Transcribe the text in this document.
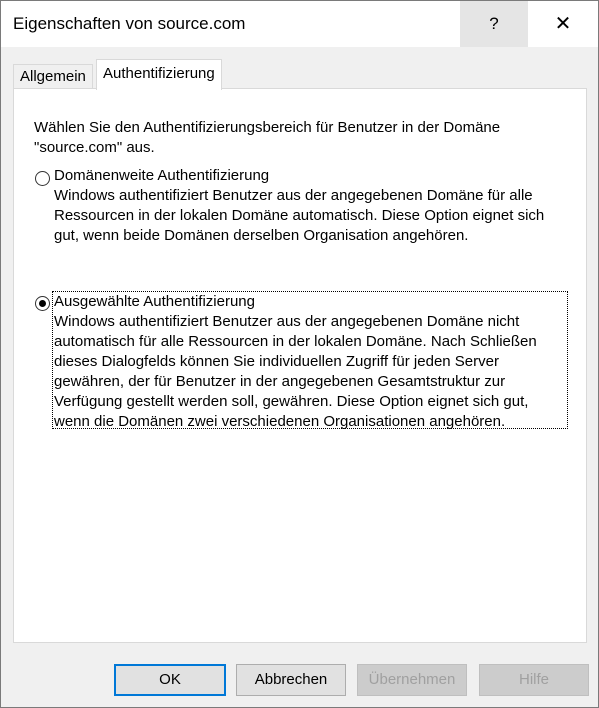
Eigenschaften von source.com	?	✕
Allgemein	Authentifizierung
Wählen Sie den Authentifizierungsbereich für Benutzer in der Domäne "source.com" aus.
Domänenweite Authentifizierung
Windows authentifiziert Benutzer aus der angegebenen Domäne für alle Ressourcen in der lokalen Domäne automatisch. Diese Option eignet sich gut, wenn beide Domänen derselben Organisation angehören.
Ausgewählte Authentifizierung
Windows authentifiziert Benutzer aus der angegebenen Domäne nicht automatisch für alle Ressourcen in der lokalen Domäne. Nach Schließen dieses Dialogfelds können Sie individuellen Zugriff für jeden Server gewähren, der für Benutzer in der angegebenen Gesamtstruktur zur Verfügung gestellt werden soll, gewähren. Diese Option eignet sich gut, wenn die Domänen zwei verschiedenen Organisationen angehören.
OK	Abbrechen	Übernehmen	Hilfe
